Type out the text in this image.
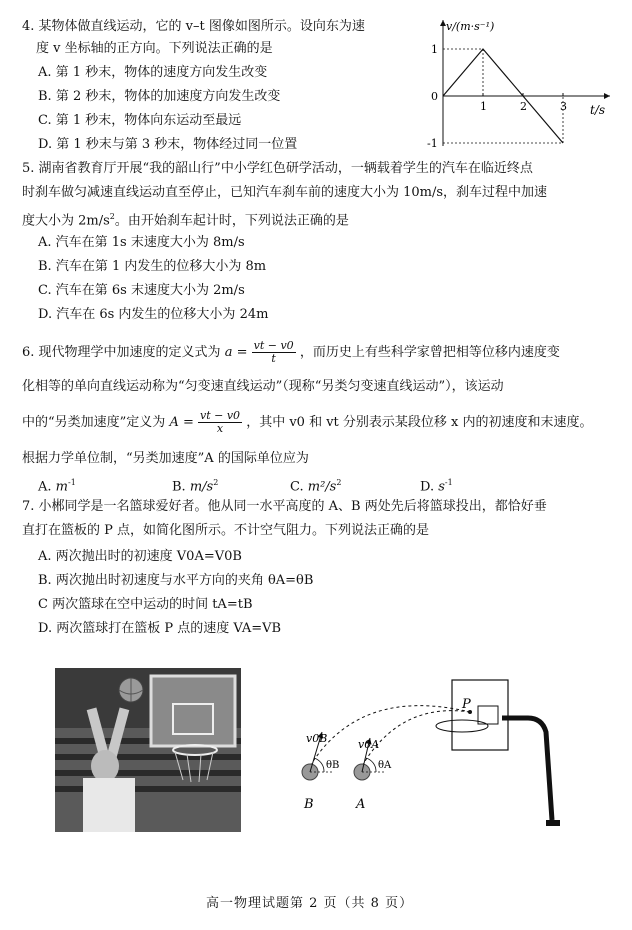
4. 某物体做直线运动，它的 v–t 图像如图所示。设向东为速
度 v 坐标轴的正方向。下列说法正确的是
A. 第 1 秒末，物体的速度方向发生改变
B. 第 2 秒末，物体的加速度方向发生改变
C. 第 1 秒末，物体向东运动至最远
D. 第 1 秒末与第 3 秒末，物体经过同一位置
v/(m·s⁻¹)
t/s
1	2	3
1
0
-1
5. 湖南省教育厅开展“我的韶山行”中小学红色研学活动，一辆载着学生的汽车在临近终点
时刹车做匀减速直线运动直至停止，已知汽车刹车前的速度大小为 10m/s，刹车过程中加速
度大小为 $2m/s^2$。由开始刹车起计时，下列说法正确的是
A. 汽车在第 1s 末速度大小为 8m/s
B. 汽车在第 1 内发生的位移大小为 8m
C. 汽车在第 6s 末速度大小为 2m/s
D. 汽车在 6s 内发生的位移大小为 24m
6. 现代物理学中加速度的定义式为 $a = \frac{vt - v0}{t}$ ，而历史上有些科学家曾把相等位移内速度变
化相等的单向直线运动称为“匀变速直线运动”（现称“另类匀变速直线运动”），该运动
中的“另类加速度”定义为 $A = \frac{vt - v0}{x}$ ，其中 v0 和 vt 分别表示某段位移 x 内的初速度和末速度。
根据力学单位制，“另类加速度”A 的国际单位应为
A. $m^{-1}$	B. $m/s^2$	C. $m^2/s^2$	D. $s^{-1}$
7. 小郴同学是一名篮球爱好者。他从同一水平高度的 A、B 两处先后将篮球投出，都恰好垂
直打在篮板的 P 点，如简化图所示。不计空气阻力。下列说法正确的是
A. 两次抛出时的初速度 V0A=V0B
B. 两次抛出时初速度与水平方向的夹角 θA=θB
C 两次篮球在空中运动的时间 tA=tB
D. 两次篮球打在篮板 P 点的速度 VA=VB
P
B	A
v0B	v0A
θB	θA
高一物理试题第 2 页（共 8 页）
